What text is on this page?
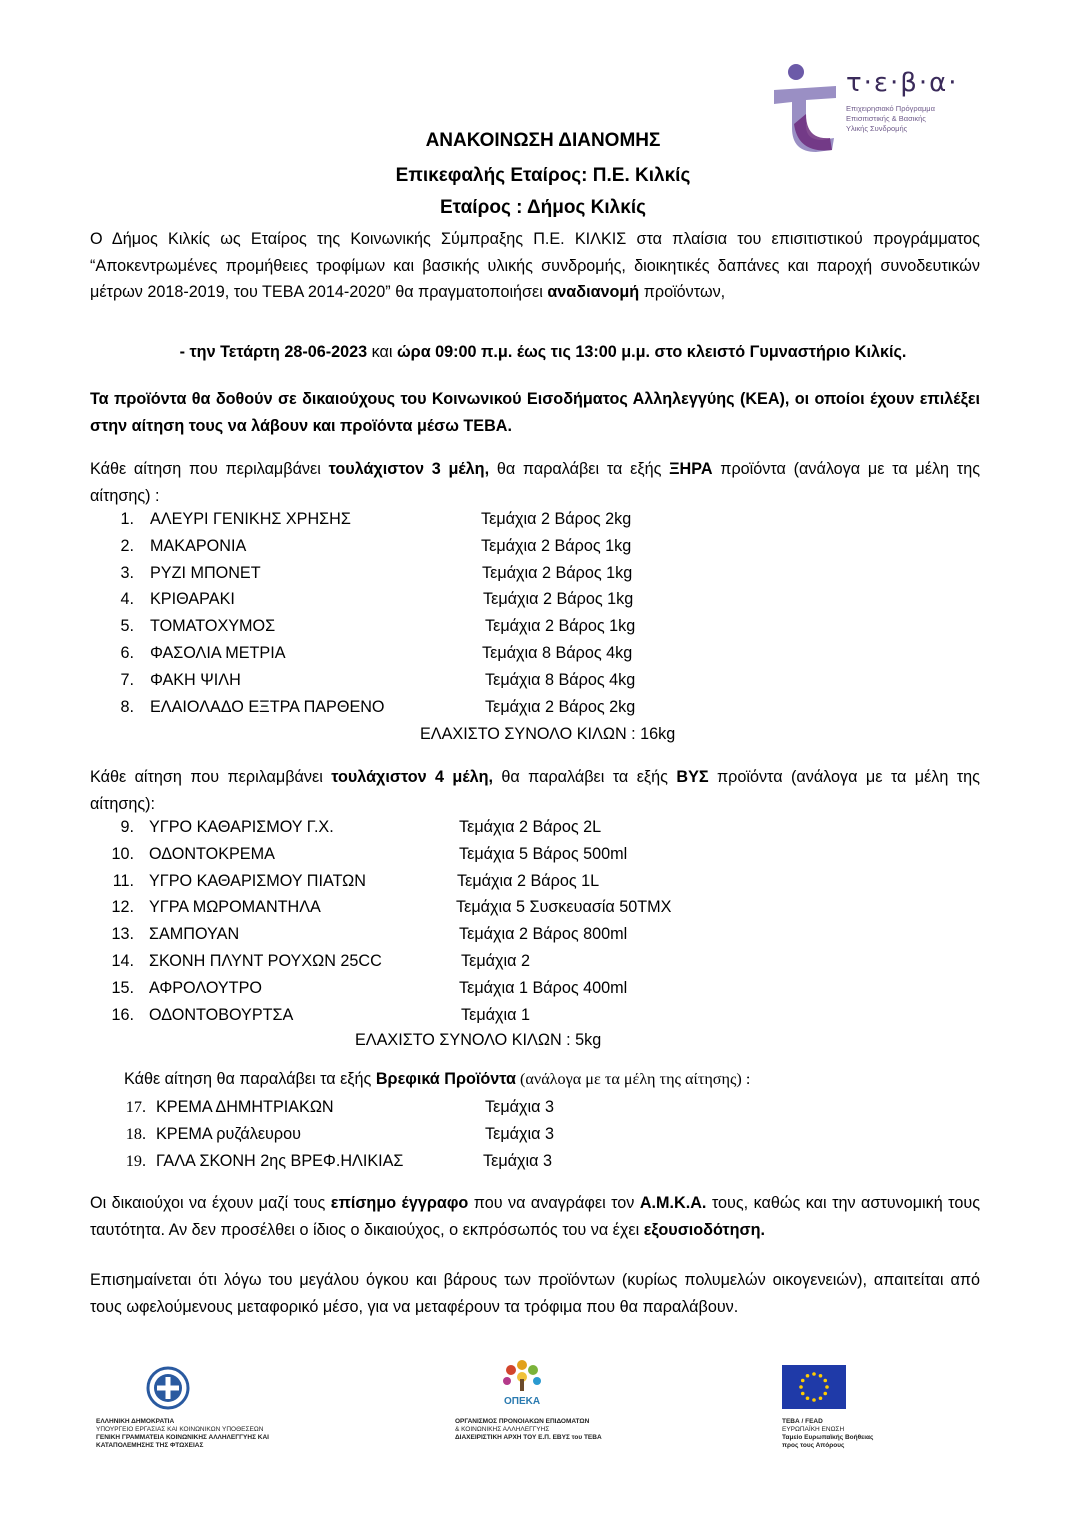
τ·ε·β·α·
Επιχειρησιακό Πρόγραμμα
Επισιτιστικής & Βασικής
Υλικής Συνδρομής
ΑΝΑΚΟΙΝΩΣΗ ΔΙΑΝΟΜΗΣ
Επικεφαλής Εταίρος: Π.Ε. Κιλκίς
Εταίρος : Δήμος Κιλκίς
Ο Δήμος Κιλκίς ως Εταίρος της Κοινωνικής Σύμπραξης Π.Ε. ΚΙΛΚΙΣ στα πλαίσια του επισιτιστικού προγράμματος “Αποκεντρωμένες προμήθειες τροφίμων και βασικής υλικής συνδρομής, διοικητικές δαπάνες και παροχή συνοδευτικών μέτρων 2018-2019, του ΤΕΒΑ 2014-2020” θα πραγματοποιήσει αναδιανομή προϊόντων,
- την Τετάρτη 28-06-2023 και ώρα 09:00 π.μ. έως τις 13:00 μ.μ. στο κλειστό Γυμναστήριο Κιλκίς.
Τα προϊόντα θα δοθούν σε δικαιούχους του Κοινωνικού Εισοδήματος Αλληλεγγύης (ΚΕΑ), οι οποίοι έχουν επιλέξει στην αίτηση τους να λάβουν και προϊόντα μέσω ΤΕΒΑ.
Κάθε αίτηση που περιλαμβάνει τουλάχιστον 3 μέλη, θα παραλάβει τα εξής ΞΗΡΑ προϊόντα (ανάλογα με τα μέλη της αίτησης) :
1. ΑΛΕΥΡΙ ΓΕΝΙΚΗΣ ΧΡΗΣΗΣ	Τεμάχια 2 Βάρος 2kg
2. ΜΑΚΑΡΟΝΙΑ	Τεμάχια 2 Βάρος 1kg
3. ΡΥΖΙ ΜΠΟΝΕΤ	Τεμάχια 2 Βάρος 1kg
4. ΚΡΙΘΑΡΑΚΙ	Τεμάχια 2 Βάρος 1kg
5. ΤΟΜΑΤΟΧΥΜΟΣ	Τεμάχια 2 Βάρος 1kg
6. ΦΑΣΟΛΙΑ ΜΕΤΡΙΑ	Τεμάχια 8 Βάρος 4kg
7. ΦΑΚΗ ΨΙΛΗ	Τεμάχια 8 Βάρος 4kg
8. ΕΛΑΙΟΛΑΔΟ ΕΞΤΡΑ ΠΑΡΘΕΝΟ	Τεμάχια 2 Βάρος 2kg
ΕΛΑΧΙΣΤΟ ΣΥΝΟΛΟ ΚΙΛΩΝ : 16kg
Κάθε αίτηση που περιλαμβάνει τουλάχιστον 4 μέλη, θα παραλάβει τα εξής ΒΥΣ προϊόντα (ανάλογα με τα μέλη της αίτησης):
9. ΥΓΡΟ ΚΑΘΑΡΙΣΜΟΥ Γ.Χ.	Τεμάχια 2 Βάρος 2L
10. ΟΔΟΝΤΟΚΡΕΜΑ	Τεμάχια 5 Βάρος 500ml
11. ΥΓΡΟ ΚΑΘΑΡΙΣΜΟΥ ΠΙΑΤΩΝ	Τεμάχια 2 Βάρος 1L
12. ΥΓΡΑ ΜΩΡΟΜΑΝΤΗΛΑ	Τεμάχια 5 Συσκευασία 50ΤΜΧ
13. ΣΑΜΠΟΥΑΝ	Τεμάχια 2 Βάρος 800ml
14. ΣΚΟΝΗ ΠΛΥΝΤ ΡΟΥΧΩΝ 25CC	Τεμάχια 2
15. ΑΦΡΟΛΟΥΤΡΟ	Τεμάχια 1 Βάρος 400ml
16. ΟΔΟΝΤΟΒΟΥΡΤΣΑ	Τεμάχια 1
ΕΛΑΧΙΣΤΟ ΣΥΝΟΛΟ ΚΙΛΩΝ : 5kg
Κάθε αίτηση θα παραλάβει τα εξής Βρεφικά Προϊόντα (ανάλογα με τα μέλη της αίτησης) :
17. ΚΡΕΜΑ ΔΗΜΗΤΡΙΑΚΩΝ	Τεμάχια 3
18. ΚΡΕΜΑ ρυζάλευρου	Τεμάχια 3
19. ΓΑΛΑ ΣΚΟΝΗ 2ης ΒΡΕΦ.ΗΛΙΚΙΑΣ	Τεμάχια 3
Οι δικαιούχοι να έχουν μαζί τους επίσημο έγγραφο που να αναγράφει τον Α.Μ.Κ.Α. τους, καθώς και την αστυνομική τους ταυτότητα. Αν δεν προσέλθει ο ίδιος ο δικαιούχος, ο εκπρόσωπός του να έχει εξουσιοδότηση.
Επισημαίνεται ότι λόγω του μεγάλου όγκου και βάρους των προϊόντων (κυρίως πολυμελών οικογενειών), απαιτείται από τους ωφελούμενους μεταφορικό μέσο, για να μεταφέρουν τα τρόφιμα που θα παραλάβουν.
ΕΛΛΗΝΙΚΗ ΔΗΜΟΚΡΑΤΙΑ
ΥΠΟΥΡΓΕΙΟ ΕΡΓΑΣΙΑΣ ΚΑΙ ΚΟΙΝΩΝΙΚΩΝ ΥΠΟΘΕΣΕΩΝ
ΓΕΝΙΚΗ ΓΡΑΜΜΑΤΕΙΑ ΚΟΙΝΩΝΙΚΗΣ ΑΛΛΗΛΕΓΓΥΗΣ ΚΑΙ
ΚΑΤΑΠΟΛΕΜΗΣΗΣ ΤΗΣ ΦΤΩΧΕΙΑΣ
ΟΠΕΚΑ
ΟΡΓΑΝΙΣΜΟΣ ΠΡΟΝΟΙΑΚΩΝ ΕΠΙΔΟΜΑΤΩΝ
& ΚΟΙΝΩΝΙΚΗΣ ΑΛΛΗΛΕΓΓΥΗΣ
ΔΙΑΧΕΙΡΙΣΤΙΚΗ ΑΡΧΗ ΤΟΥ Ε.Π. ΕΒΥΣ του ΤΕΒΑ
ΤΕΒΑ / FEAD
ΕΥΡΩΠΑΪΚΗ ΕΝΩΣΗ
Ταμείο Ευρωπαϊκής Βοήθειας
προς τους Απόρους
